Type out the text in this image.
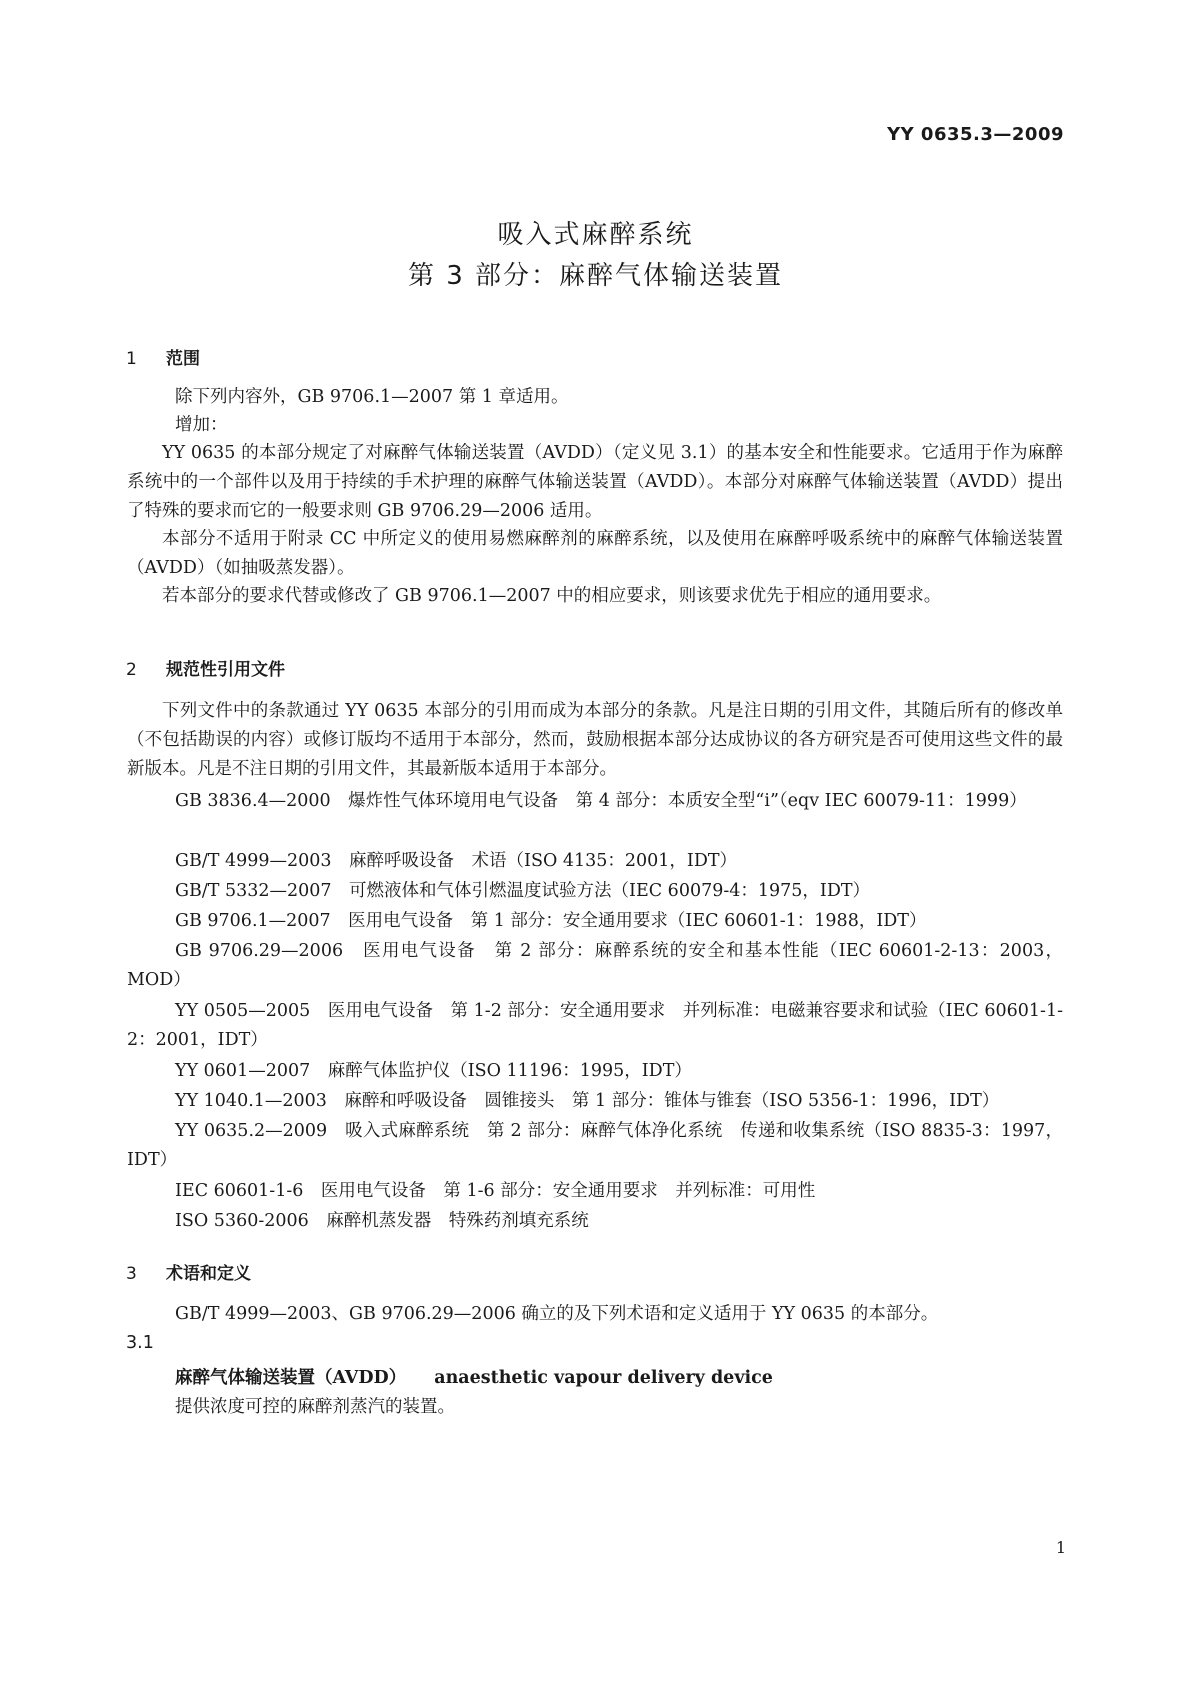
YY 0635.3—2009
吸入式麻醉系统
第 3 部分：麻醉气体输送装置
1 范围
除下列内容外，GB 9706.1—2007 第 1 章适用。
增加：

YY 0635 的本部分规定了对麻醉气体输送装置（AVDD）（定义见 3.1）的基本安全和性能要求。它适用于作为麻醉系统中的一个部件以及用于持续的手术护理的麻醉气体输送装置（AVDD）。本部分对麻醉气体输送装置（AVDD）提出了特殊的要求而它的一般要求则 GB 9706.29—2006 适用。

本部分不适用于附录 CC 中所定义的使用易燃麻醉剂的麻醉系统，以及使用在麻醉呼吸系统中的麻醉气体输送装置（AVDD）（如抽吸蒸发器）。

若本部分的要求代替或修改了 GB 9706.1—2007 中的相应要求，则该要求优先于相应的通用要求。

2 规范性引用文件

下列文件中的条款通过 YY 0635 本部分的引用而成为本部分的条款。凡是注日期的引用文件，其随后所有的修改单（不包括勘误的内容）或修订版均不适用于本部分，然而，鼓励根据本部分达成协议的各方研究是否可使用这些文件的最新版本。凡是不注日期的引用文件，其最新版本适用于本部分。

GB 3836.4—2000　爆炸性气体环境用电气设备　第 4 部分：本质安全型“i”（eqv IEC 60079-11：1999）

GB/T 4999—2003　麻醉呼吸设备　术语（ISO 4135：2001，IDT）

GB/T 5332—2007　可燃液体和气体引燃温度试验方法（IEC 60079-4：1975，IDT）

GB 9706.1—2007　医用电气设备　第 1 部分：安全通用要求（IEC 60601-1：1988，IDT）

GB 9706.29—2006　医用电气设备　第 2 部分：麻醉系统的安全和基本性能（IEC 60601-2-13：2003，MOD）

YY 0505—2005　医用电气设备　第 1-2 部分：安全通用要求　并列标准：电磁兼容要求和试验（IEC 60601-1-2：2001，IDT）

YY 0601—2007　麻醉气体监护仪（ISO 11196：1995，IDT）

YY 1040.1—2003　麻醉和呼吸设备　圆锥接头　第 1 部分：锥体与锥套（ISO 5356-1：1996，IDT）

YY 0635.2—2009　吸入式麻醉系统　第 2 部分：麻醉气体净化系统　传递和收集系统（ISO 8835-3：1997，IDT）

IEC 60601-1-6　医用电气设备　第 1-6 部分：安全通用要求　并列标准：可用性

ISO 5360-2006　麻醉机蒸发器　特殊药剂填充系统

3 术语和定义
GB/T 4999—2003、GB 9706.29—2006 确立的及下列术语和定义适用于 YY 0635 的本部分。
3.1
麻醉气体输送装置（AVDD） anaesthetic vapour delivery device
提供浓度可控的麻醉剂蒸汽的装置。
1
